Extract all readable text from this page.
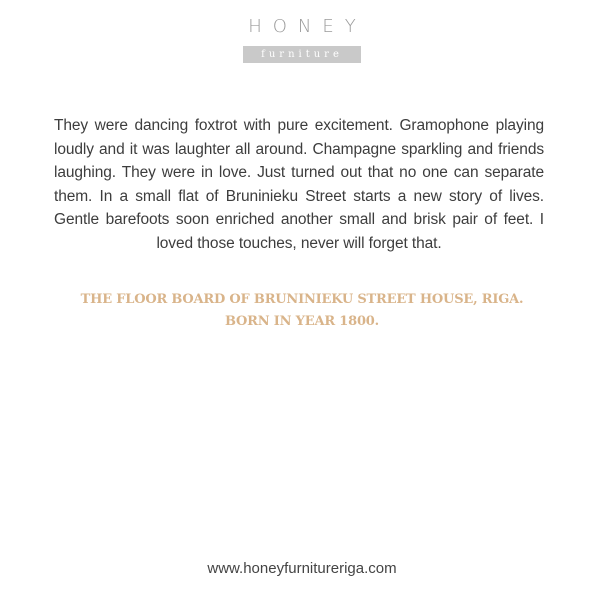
HONEY
furniture

They were dancing foxtrot with pure excitement. Gramophone playing loudly and it was laughter all around. Champagne sparkling and friends laughing. They were in love. Just turned out that no one can separate them. In a small flat of Bruninieku Street starts a new story of lives. Gentle barefoots soon enriched another small and brisk pair of feet. I loved those touches, never will forget that.

THE FLOOR BOARD OF BRUNINIEKU STREET HOUSE, RIGA.
BORN IN YEAR 1800.
www.honeyfurnitureriga.com
